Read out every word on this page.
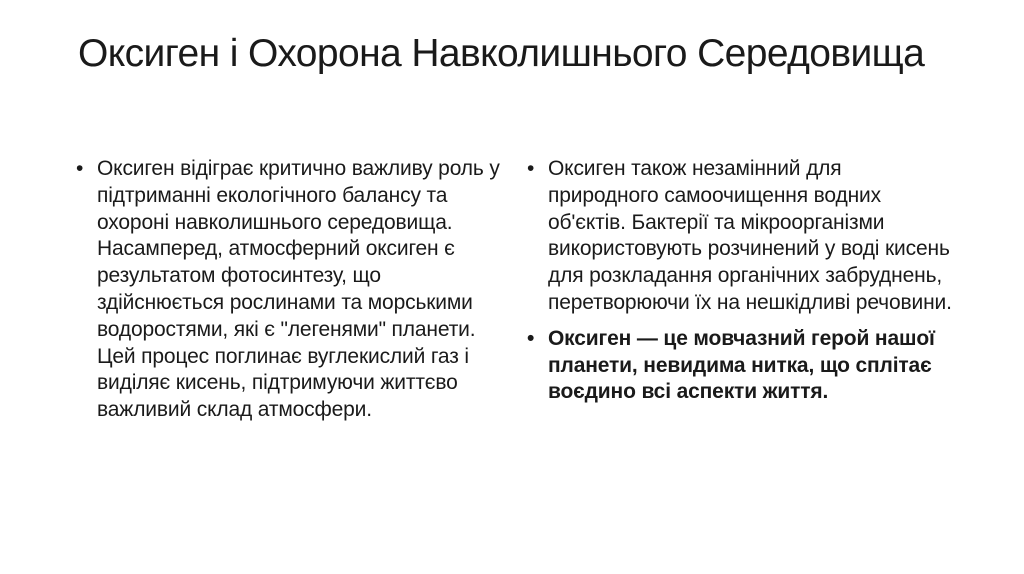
Оксиген і Охорона Навколишнього Середовища
• Оксиген відіграє критично важливу роль у підтриманні екологічного балансу та охороні навколишнього середовища. Насамперед, атмосферний оксиген є результатом фотосинтезу, що здійснюється рослинами та морськими водоростями, які є "легенями" планети. Цей процес поглинає вуглекислий газ і виділяє кисень, підтримуючи життєво важливий склад атмосфери.
• Оксиген також незамінний для природного самоочищення водних об'єктів. Бактерії та мікроорганізми використовують розчинений у воді кисень для розкладання органічних забруднень, перетворюючи їх на нешкідливі речовини.
• Оксиген — це мовчазний герой нашої планети, невидима нитка, що сплітає воєдино всі аспекти життя.
